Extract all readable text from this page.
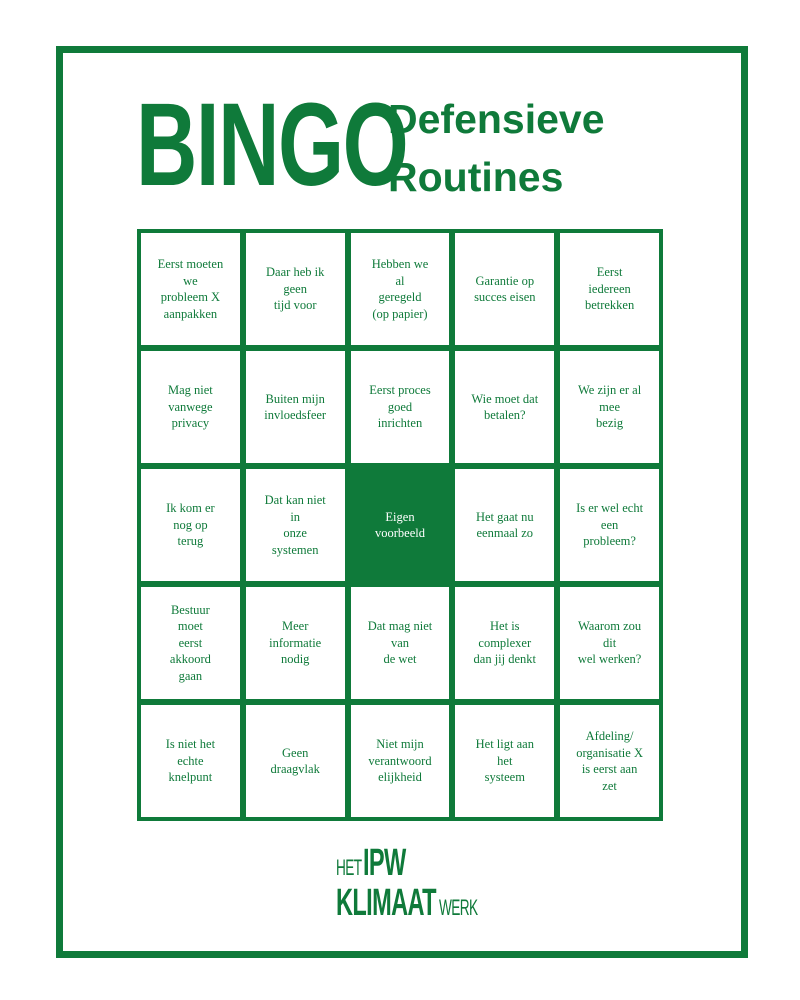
BINGO
Defensieve
Routines
Eerst moeten
we
probleem X
aanpakken
Daar heb ik
geen
tijd voor
Hebben we
al
geregeld
(op papier)
Garantie op
succes eisen
Eerst
iedereen
betrekken
Mag niet
vanwege
privacy
Buiten mijn
invloedsfeer
Eerst proces
goed
inrichten
Wie moet dat
betalen?
We zijn er al
mee
bezig
Ik kom er
nog op
terug
Dat kan niet
in
onze
systemen
Eigen
voorbeeld
Het gaat nu
eenmaal zo
Is er wel echt
een
probleem?
Bestuur
moet
eerst
akkoord
gaan
Meer
informatie
nodig
Dat mag niet
van
de wet
Het is
complexer
dan jij denkt
Waarom zou
dit
wel werken?
Is niet het
echte
knelpunt
Geen
draagvlak
Niet mijn
verantwoord
elijkheid
Het ligt aan
het
systeem
Afdeling/
organisatie X
is eerst aan
zet
HETIPW
KLIMAAT WERK
